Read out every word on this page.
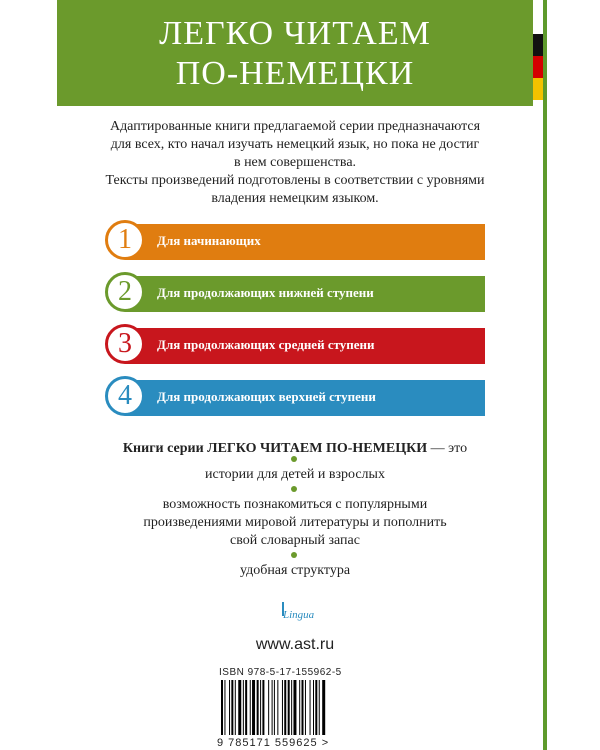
ЛЕГКО ЧИТАЕМ
ПО-НЕМЕЦКИ
Адаптированные книги предлагаемой серии предназначаются
для всех, кто начал изучать немецкий язык, но пока не достиг
в нем совершенства.
Тексты произведений подготовлены в соответствии с уровнями
владения немецким языком.
Для начинающих
1
Для продолжающих нижней ступени
2
Для продолжающих средней ступени
3
Для продолжающих верхней ступени
4
Книги серии ЛЕГКО ЧИТАЕМ ПО-НЕМЕЦКИ — это
истории для детей и взрослых
возможность познакомиться с популярными
произведениями мировой литературы и пополнить
свой словарный запас
удобная структура
Lingua
www.ast.ru
ISBN 978-5-17-155962-5
9 785171 559625 >
